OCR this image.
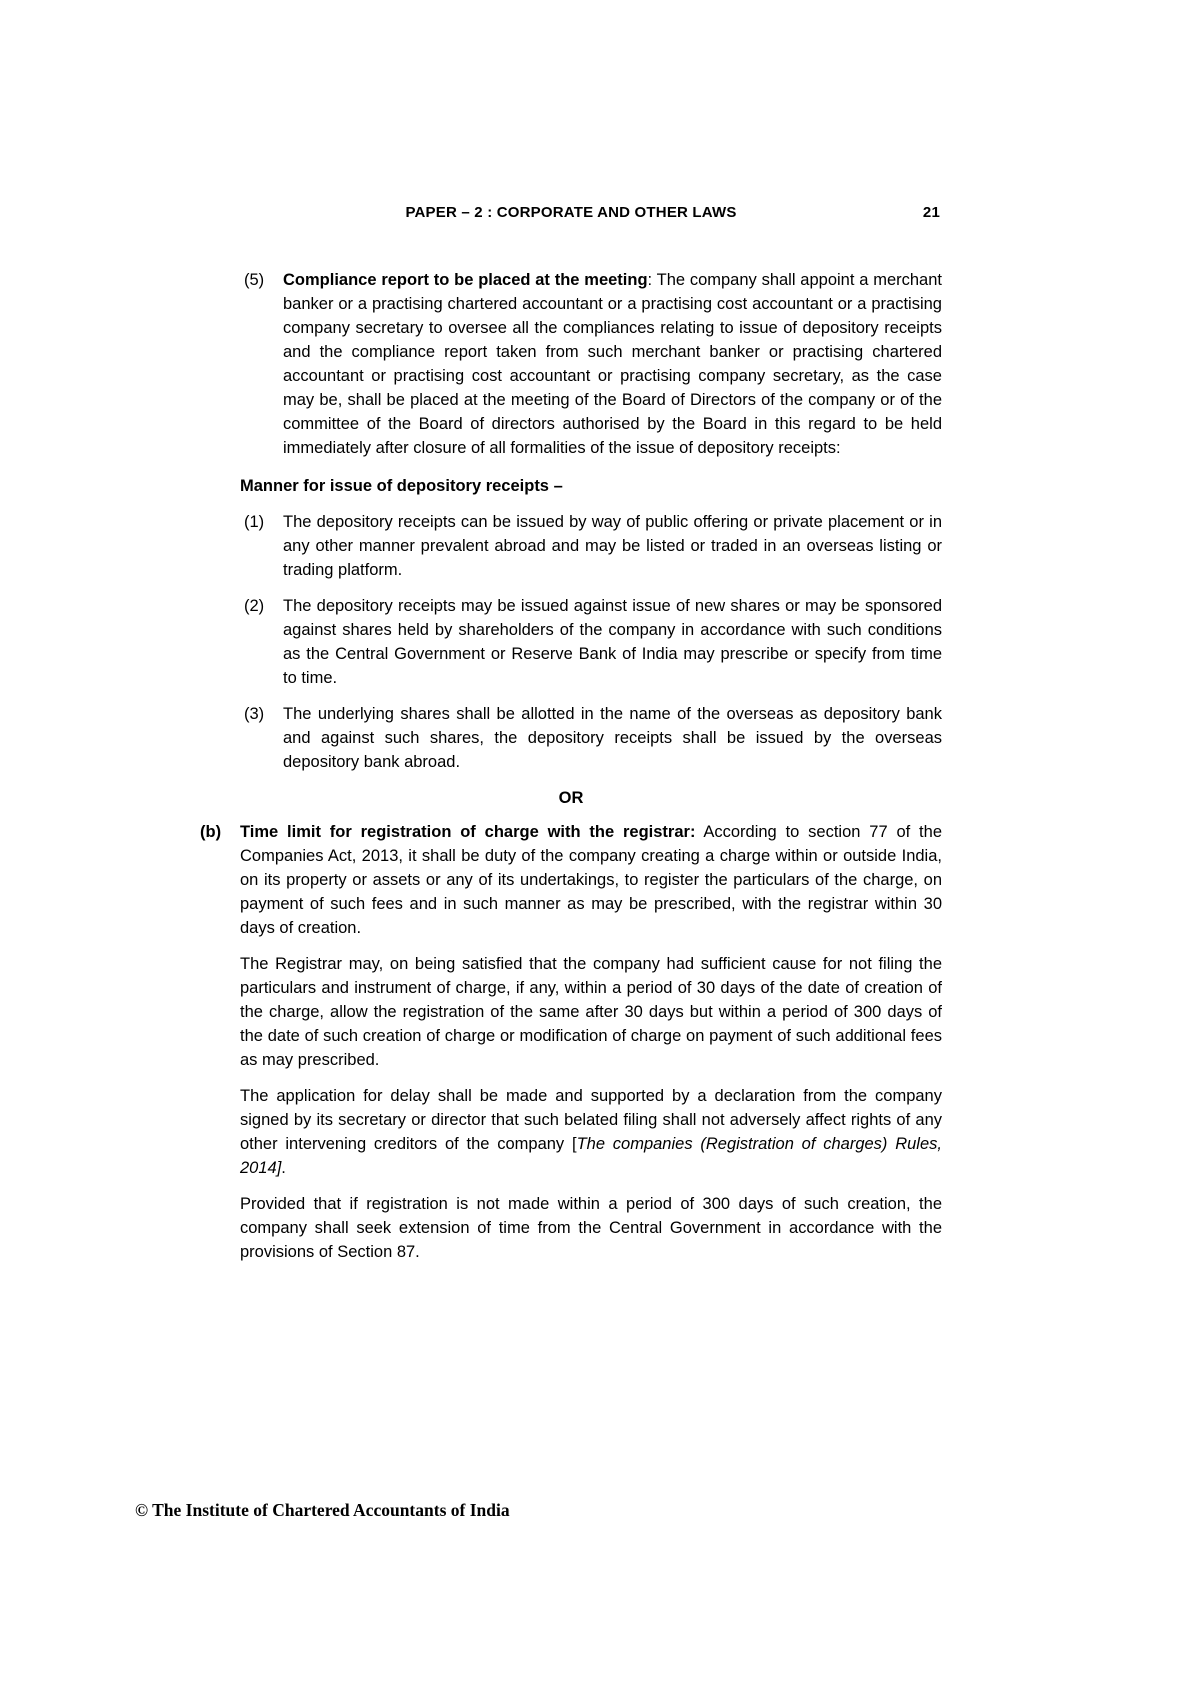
PAPER – 2 : CORPORATE AND OTHER LAWS	21
(5)	Compliance report to be placed at the meeting: The company shall appoint a merchant banker or a practising chartered accountant or a practising cost accountant or a practising company secretary to oversee all the compliances relating to issue of depository receipts and the compliance report taken from such merchant banker or practising chartered accountant or practising cost accountant or practising company secretary, as the case may be, shall be placed at the meeting of the Board of Directors of the company or of the committee of the Board of directors authorised by the Board in this regard to be held immediately after closure of all formalities of the issue of depository receipts:

Manner for issue of depository receipts –
(1)	The depository receipts can be issued by way of public offering or private placement or in any other manner prevalent abroad and may be listed or traded in an overseas listing or trading platform.

(2)	The depository receipts may be issued against issue of new shares or may be sponsored against shares held by shareholders of the company in accordance with such conditions as the Central Government or Reserve Bank of India may prescribe or specify from time to time.

(3)	The underlying shares shall be allotted in the name of the overseas as depository bank and against such shares, the depository receipts shall be issued by the overseas depository bank abroad.

OR
(b)	Time limit for registration of charge with the registrar: According to section 77 of the Companies Act, 2013, it shall be duty of the company creating a charge within or outside India, on its property or assets or any of its undertakings, to register the particulars of the charge, on payment of such fees and in such manner as may be prescribed, with the registrar within 30 days of creation.

The Registrar may, on being satisfied that the company had sufficient cause for not filing the particulars and instrument of charge, if any, within a period of 30 days of the date of creation of the charge, allow the registration of the same after 30 days but within a period of 300 days of the date of such creation of charge or modification of charge on payment of such additional fees as may prescribed.

The application for delay shall be made and supported by a declaration from the company signed by its secretary or director that such belated filing shall not adversely affect rights of any other intervening creditors of the company [The companies (Registration of charges) Rules, 2014].

Provided that if registration is not made within a period of 300 days of such creation, the company shall seek extension of time from the Central Government in accordance with the provisions of Section 87.

© The Institute of Chartered Accountants of India
